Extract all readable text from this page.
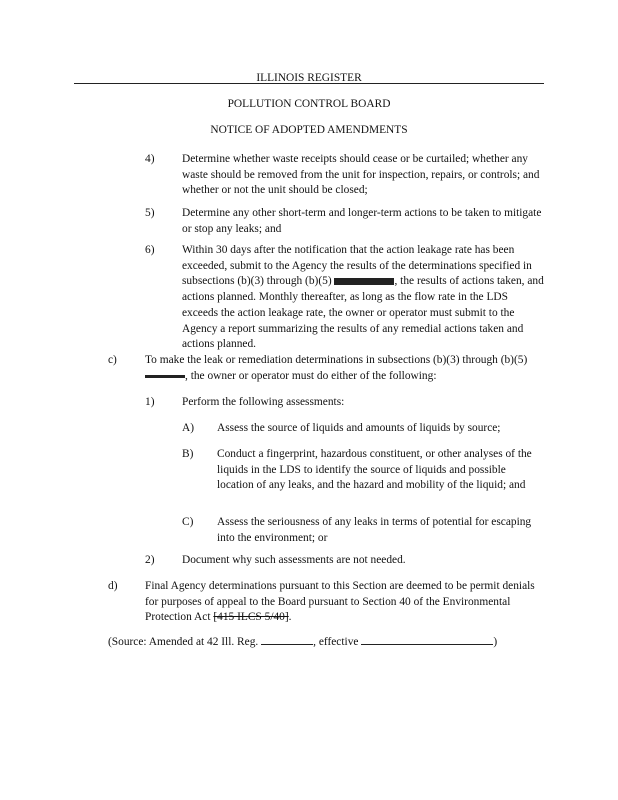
ILLINOIS REGISTER
POLLUTION CONTROL BOARD
NOTICE OF ADOPTED AMENDMENTS
4) Determine whether waste receipts should cease or be curtailed; whether any waste should be removed from the unit for inspection, repairs, or controls; and whether or not the unit should be closed;

5) Determine any other short-term and longer-term actions to be taken to mitigate or stop any leaks; and

6) Within 30 days after the notification that the action leakage rate has been exceeded, submit to the Agency the results of the determinations specified in subsections (b)(3) through (b)(5)	, the results of actions taken, and actions planned. Monthly thereafter, as long as the flow rate in the LDS exceeds the action leakage rate, the owner or operator must submit to the Agency a report summarizing the results of any remedial actions taken and actions planned.

c) To make the leak or remediation determinations in subsections (b)(3) through (b)(5) , the owner or operator must do either of the following:

1) Perform the following assessments:

A) Assess the source of liquids and amounts of liquids by source;

B) Conduct a fingerprint, hazardous constituent, or other analyses of the liquids in the LDS to identify the source of liquids and possible location of any leaks, and the hazard and mobility of the liquid; and

C) Assess the seriousness of any leaks in terms of potential for escaping into the environment; or

2) Document why such assessments are not needed.

d) Final Agency determinations pursuant to this Section are deemed to be permit denials for purposes of appeal to the Board pursuant to Section 40 of the Environmental Protection Act [415 ILCS 5/40].

(Source: Amended at 42 Ill. Reg.	, effective	)
